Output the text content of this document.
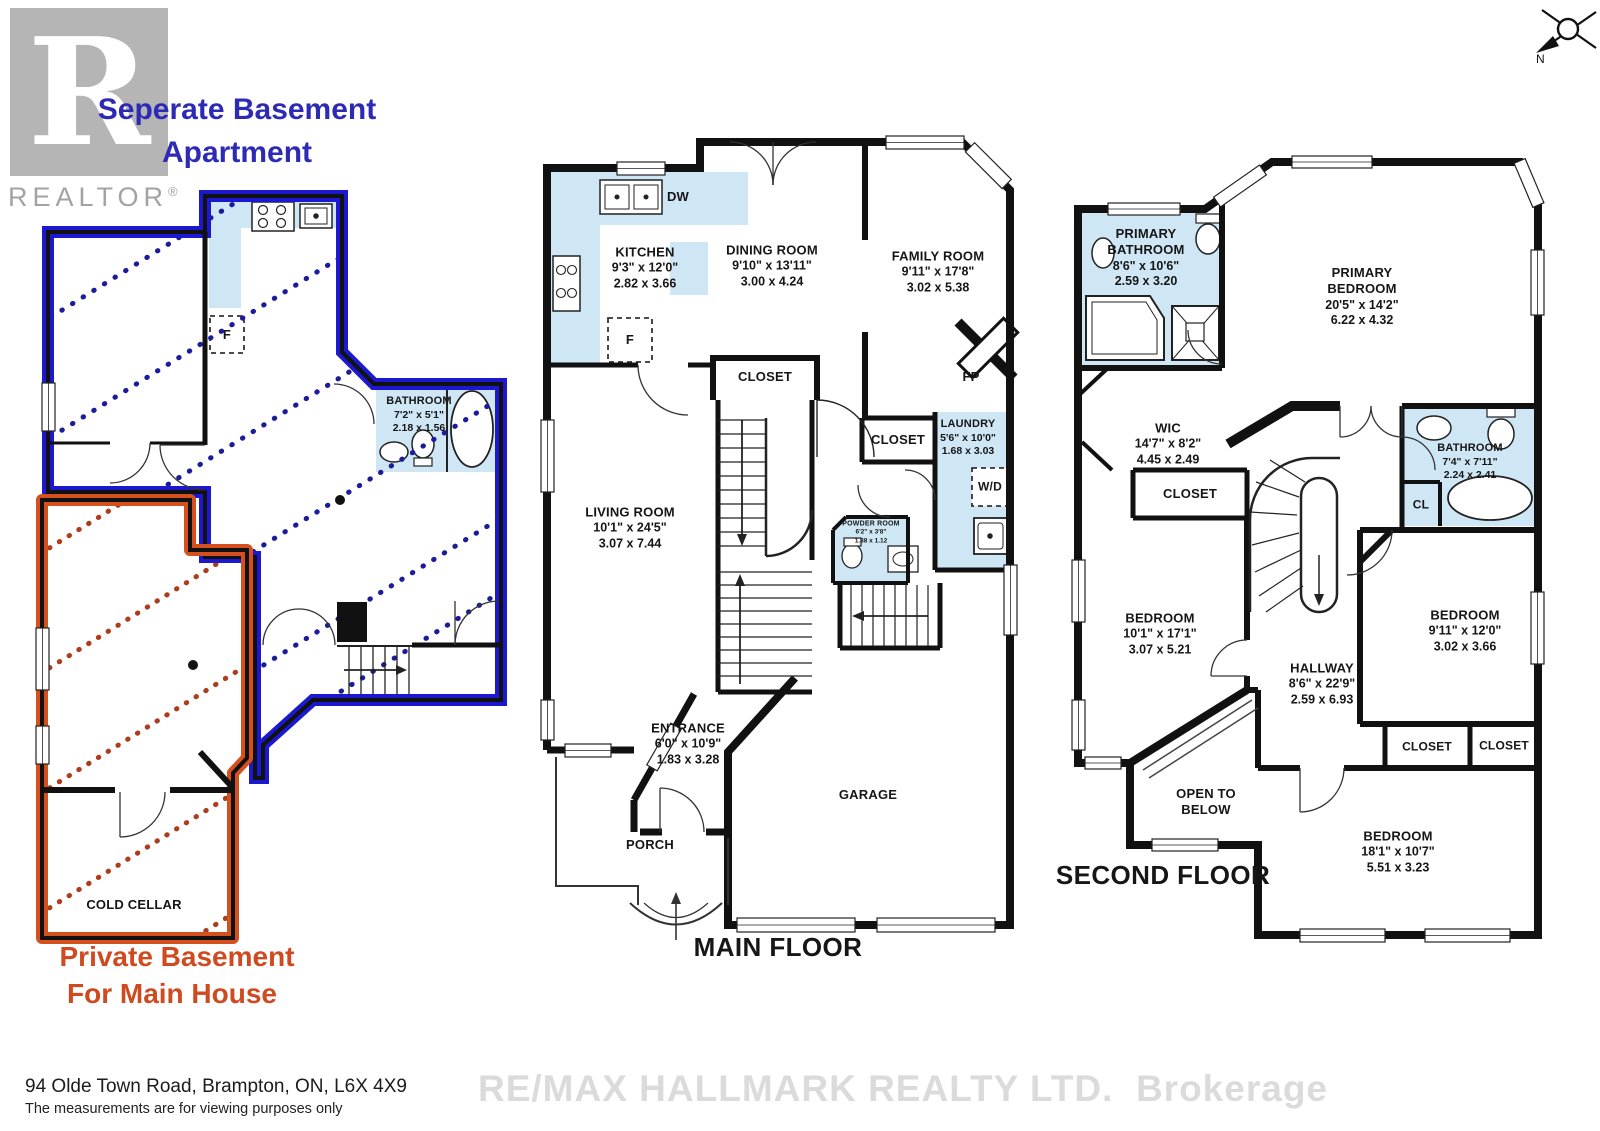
R
REALTOR®
Seperate Basement
Apartment
Private Basement
For Main House
N
BATHROOM
7'2" x 5'1"
2.18 x 1.56
F
COLD CELLAR
KITCHEN
9'3" x 12'0"
2.82 x 3.66
DINING ROOM
9'10" x 13'11"
3.00 x 4.24
FAMILY ROOM
9'11" x 17'8"
3.02 x 5.38
DW
F
CLOSET	FP
CLOSET
LAUNDRY
5'6" x 10'0"
1.68 x 3.03
W/D
LIVING ROOM
10'1" x 24'5"
3.07 x 7.44
POWDER ROOM
6'2" x 3'8"
1.88 x 1.12
ENTRANCE
6'0" x 10'9"
1.83 x 3.28
PORCH
GARAGE
MAIN FLOOR
PRIMARY BATHROOM
8'6" x 10'6"
2.59 x 3.20
PRIMARY BEDROOM
20'5" x 14'2"
6.22 x 4.32
WIC
14'7" x 8'2"
4.45 x 2.49
CLOSET
BATHROOM
7'4" x 7'11"
2.24 x 2.41
CL
BEDROOM
10'1" x 17'1"
3.07 x 5.21
BEDROOM
9'11" x 12'0"
3.02 x 3.66
HALLWAY
8'6" x 22'9"
2.59 x 6.93
CLOSET CLOSET
OPEN TO BELOW
BEDROOM
18'1" x 10'7"
5.51 x 3.23
SECOND FLOOR
RE/MAX HALLMARK REALTY LTD.  Brokerage
94 Olde Town Road, Brampton, ON, L6X 4X9
The measurements are for viewing purposes only
